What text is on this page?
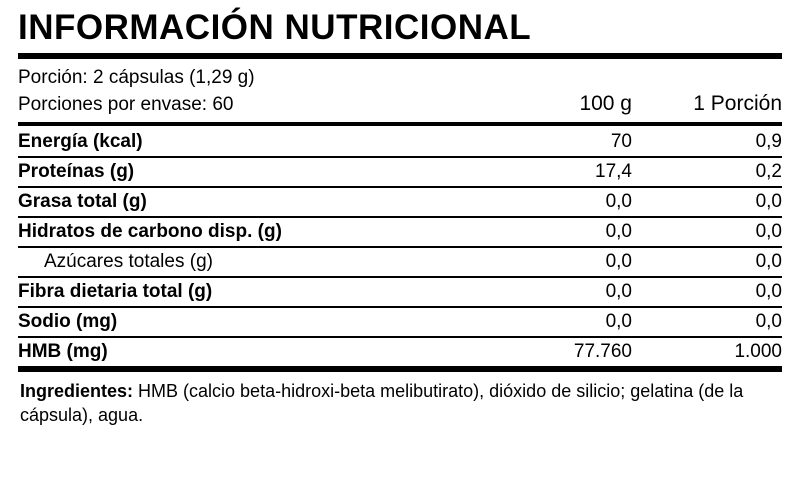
INFORMACIÓN NUTRICIONAL
Porción: 2 cápsulas (1,29 g)
Porciones por envase: 60	100 g	1 Porción
Energía (kcal)	70	0,9
Proteínas (g)	17,4	0,2
Grasa total (g)	0,0	0,0
Hidratos de carbono disp. (g)	0,0	0,0
Azúcares totales (g)	0,0	0,0
Fibra dietaria total (g)	0,0	0,0
Sodio (mg)	0,0	0,0
HMB (mg)	77.760	1.000
Ingredientes: HMB (calcio beta-hidroxi-beta melibutirato), dióxido de silicio; gelatina (de la cápsula), agua.
